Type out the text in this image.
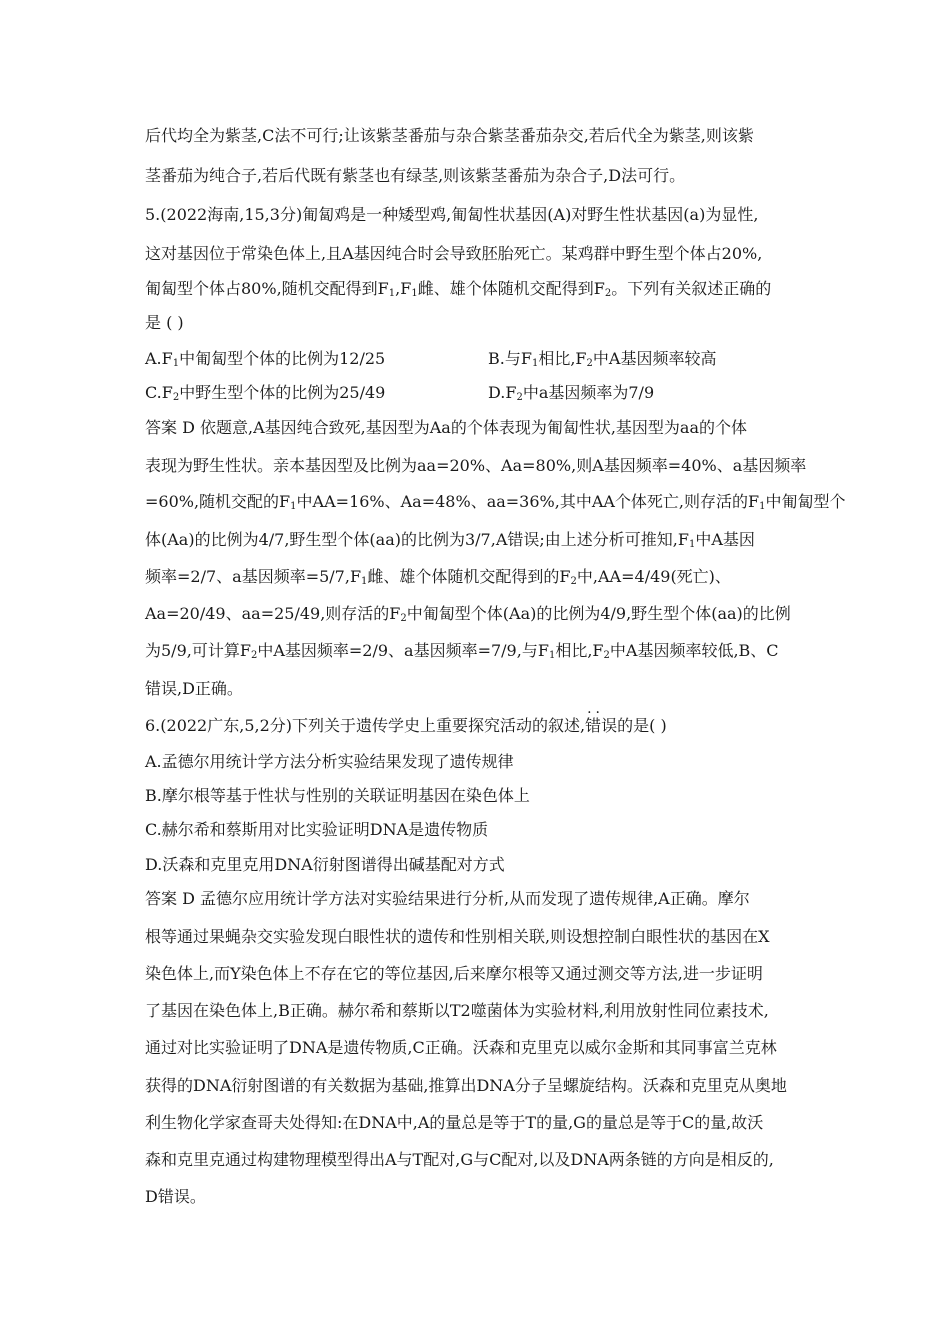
后代均全为紫茎,C法不可行;让该紫茎番茄与杂合紫茎番茄杂交,若后代全为紫茎,则该紫
茎番茄为纯合子,若后代既有紫茎也有绿茎,则该紫茎番茄为杂合子,D法可行。
5.(2022海南,15,3分)匍匐鸡是一种矮型鸡,匍匐性状基因(A)对野生性状基因(a)为显性,
这对基因位于常染色体上,且A基因纯合时会导致胚胎死亡。某鸡群中野生型个体占20%,
匍匐型个体占80%,随机交配得到$F_1,F_1$雌、雄个体随机交配得到$F_2$。下列有关叙述正确的
是 ( )
$A.F_1$中匍匐型个体的比例为12/25	B.与$F_1$相比$,F_2$中A基因频率较高
$C.F_2$中野生型个体的比例为25/49	$D.F_2$中a基因频率为7/9
答案 D 依题意,A基因纯合致死,基因型为Aa的个体表现为匍匐性状,基因型为aa的个体
表现为野生性状。亲本基因型及比例为aa=20%、Aa=80%,则A基因频率=40%、a基因频率
=60%,随机交配的$F_1$中AA=16%、Aa=48%、aa=36%,其中AA个体死亡,则存活的$F_1$中匍匐型个
体(Aa)的比例为4/7,野生型个体(aa)的比例为3/7,A错误;由上述分析可推知$,F_1$中A基因
频率=2/7、a基因频率$=5/7,F_1$雌、雄个体随机交配得到的$F_2$中,AA=4/49(死亡)、
Aa=20/49、aa=25/49,则存活的$F_2$中匍匐型个体(Aa)的比例为4/9,野生型个体(aa)的比例
为5/9,可计算$F_2$中A基因频率=2/9、a基因频率=7/9,与$F_1$相比$,F_2$中A基因频率较低,B、C
错误,D正确。
6.(2022广东,5,2分)下列关于遗传学史上重要探究活动的叙述,·· 错误的是( )
A.孟德尔用统计学方法分析实验结果发现了遗传规律
B.摩尔根等基于性状与性别的关联证明基因在染色体上
C.赫尔希和蔡斯用对比实验证明DNA是遗传物质
D.沃森和克里克用DNA衍射图谱得出碱基配对方式
答案 D 孟德尔应用统计学方法对实验结果进行分析,从而发现了遗传规律,A正确。摩尔
根等通过果蝇杂交实验发现白眼性状的遗传和性别相关联,则设想控制白眼性状的基因在X
染色体上,而Y染色体上不存在它的等位基因,后来摩尔根等又通过测交等方法,进一步证明
了基因在染色体上,B正确。赫尔希和蔡斯以T2噬菌体为实验材料,利用放射性同位素技术,
通过对比实验证明了DNA是遗传物质,C正确。沃森和克里克以威尔金斯和其同事富兰克林
获得的DNA衍射图谱的有关数据为基础,推算出DNA分子呈螺旋结构。沃森和克里克从奥地
利生物化学家查哥夫处得知:在DNA中,A的量总是等于T的量,G的量总是等于C的量,故沃
森和克里克通过构建物理模型得出A与T配对,G与C配对,以及DNA两条链的方向是相反的,
D错误。
